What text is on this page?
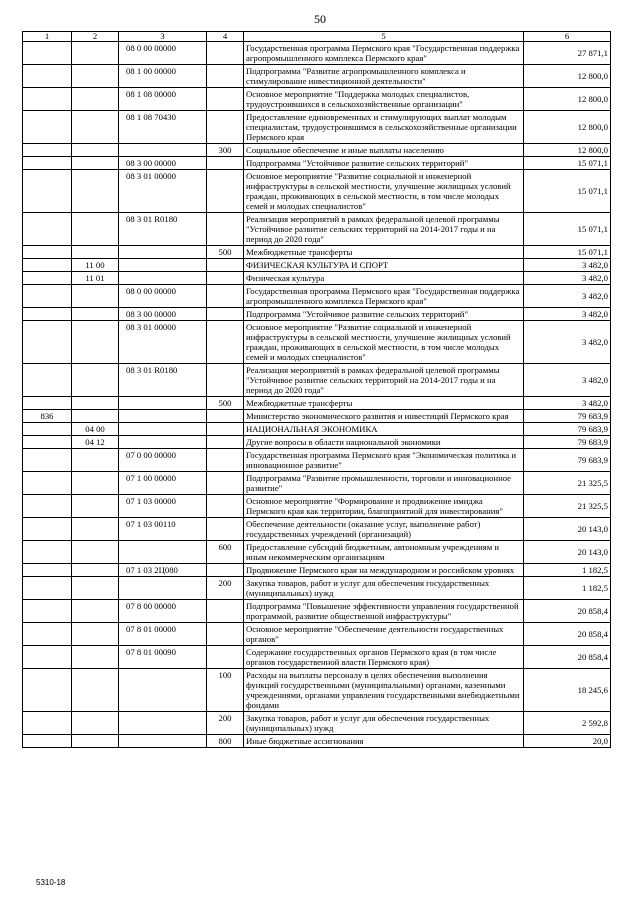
50
1	2	3	4	5	6
		08 0 00 00000		Государственная программа Пермского края "Государственная поддержка агропромышленного комплекса Пермского края"	27 871,1
		08 1 00 00000		Подпрограмма "Развитие агропромышленного комплекса и стимулирование инвестиционной деятельности"	12 800,0
		08 1 08 00000		Основное мероприятие "Поддержка молодых специалистов, трудоустроившихся в сельскохозяйственные организации"	12 800,0
		08 1 08 70430		Предоставление единовременных и стимулирующих выплат молодым специалистам, трудоустроившимся в сельскохозяйственные организации Пермского края	12 800,0
			300	Социальное обеспечение и иные выплаты населению	12 800,0
		08 3 00 00000		Подпрограмма "Устойчивое развитие сельских территорий"	15 071,1
		08 3 01 00000		Основное мероприятие "Развитие социальной и инженерной инфраструктуры в сельской местности, улучшение жилищных условий граждан, проживающих в сельской местности, в том числе молодых семей и молодых специалистов"	15 071,1
		08 3 01 R0180		Реализация мероприятий в рамках федеральной целевой программы "Устойчивое развитие сельских территорий на 2014-2017 годы и на период до 2020 года"	15 071,1
			500	Межбюджетные трансферты	15 071,1
	11 00			ФИЗИЧЕСКАЯ КУЛЬТУРА И СПОРТ	3 482,0
	11 01			Физическая культура	3 482,0
		08 0 00 00000		Государственная программа Пермского края "Государственная поддержка агропромышленного комплекса Пермского края"	3 482,0
		08 3 00 00000		Подпрограмма "Устойчивое развитие сельских территорий"	3 482,0
		08 3 01 00000		Основное мероприятие "Развитие социальной и инженерной инфраструктуры в сельской местности, улучшение жилищных условий граждан, проживающих в сельской местности, в том числе молодых семей и молодых специалистов"	3 482,0
		08 3 01 R0180		Реализация мероприятий в рамках федеральной целевой программы "Устойчивое развитие сельских территорий на 2014-2017 годы и на период до 2020 года"	3 482,0
			500	Межбюджетные трансферты	3 482,0
836				Министерство экономического развития и инвестиций Пермского края	79 683,9
	04 00			НАЦИОНАЛЬНАЯ ЭКОНОМИКА	79 683,9
	04 12			Другие вопросы в области национальной экономики	79 683,9
		07 0 00 00000		Государственная программа Пермского края "Экономическая политика и инновационное развитие"	79 683,9
		07 1 00 00000		Подпрограмма "Развитие промышленности, торговли и инновационное развитие"	21 325,5
		07 1 03 00000		Основное мероприятие "Формирование и продвижение имиджа Пермского края как территории, благоприятной для инвестирования"	21 325,5
		07 1 03 00110		Обеспечение деятельности (оказание услуг, выполнение работ) государственных учреждений (организаций)	20 143,0
			600	Предоставление субсидий бюджетным, автономным учреждениям и иным некоммерческим организациям	20 143,0
		07 1 03 2Ц080		Продвижение Пермского края на международном и российском уровнях	1 182,5
			200	Закупка товаров, работ и услуг для обеспечения государственных (муниципальных) нужд	1 182,5
		07 8 00 00000		Подпрограмма "Повышение эффективности управления государственной программой, развитие общественной инфраструктуры"	20 858,4
		07 8 01 00000		Основное мероприятие "Обеспечение деятельности государственных органов"	20 858,4
		07 8 01 00090		Содержание государственных органов Пермского края (в том числе органов государственной власти Пермского края)	20 858,4
			100	Расходы на выплаты персоналу в целях обеспечения выполнения функций государственными (муниципальными) органами, казенными учреждениями, органами управления государственными внебюджетными фондами	18 245,6
			200	Закупка товаров, работ и услуг для обеспечения государственных (муниципальных) нужд	2 592,8
			800	Иные бюджетные ассигнования	20,0
5310-18
